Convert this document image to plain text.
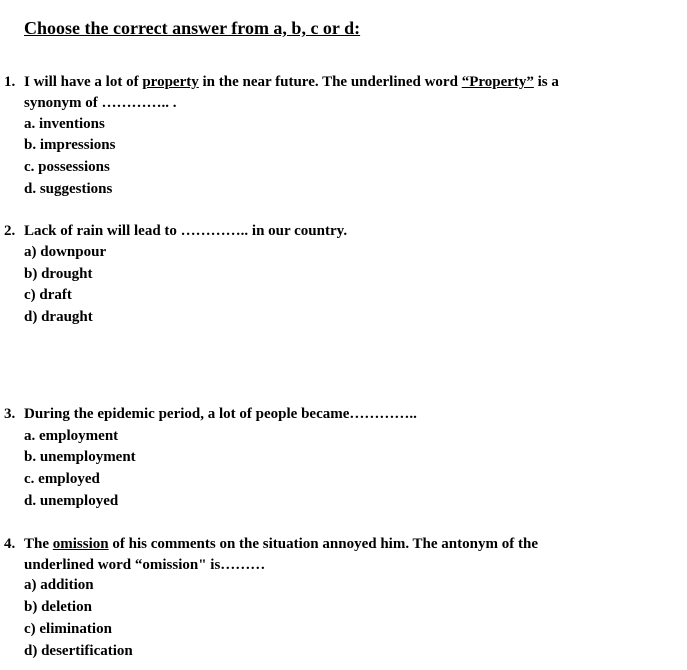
Choose the correct answer from a, b, c or d:
1. I will have a lot of property in the near future. The underlined word “Property” is a
synonym of ………….. .
a. inventions
b. impressions
c. possessions
d. suggestions
2. Lack of rain will lead to ………….. in our country.
a) downpour
b) drought
c) draft
d) draught
3. During the epidemic period, a lot of people became…………..
a. employment
b. unemployment
c. employed
d. unemployed
4. The omission of his comments on the situation annoyed him. The antonym of the
underlined word “omission" is………
a) addition
b) deletion
c) elimination
d) desertification
